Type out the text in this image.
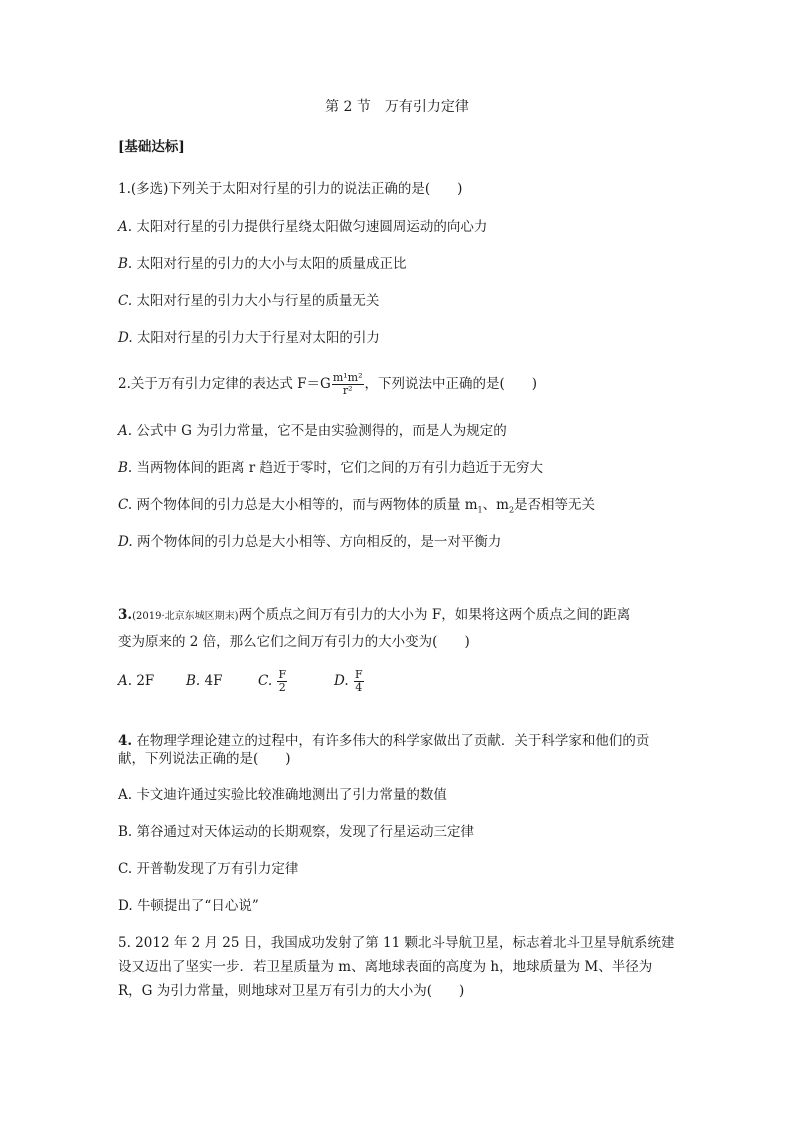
第 2 节　万有引力定律
[基础达标]
1.(多选)下列关于太阳对行星的引力的说法正确的是(　　)
A. 太阳对行星的引力提供行星绕太阳做匀速圆周运动的向心力
B. 太阳对行星的引力的大小与太阳的质量成正比
C. 太阳对行星的引力大小与行星的质量无关
D. 太阳对行星的引力大于行星对太阳的引力
2.关于万有引力定律的表达式 $F=G \frac{\text{m¹m²}}{\text{r²}}$ ，下列说法中正确的是(　　)
A. 公式中 G 为引力常量，它不是由实验测得的，而是人为规定的
B. 当两物体间的距离 r 趋近于零时，它们之间的万有引力趋近于无穷大
C. 两个物体间的引力总是大小相等的，而与两物体的质量 $m_1$、$m_2$是否相等无关
D. 两个物体间的引力总是大小相等、方向相反的，是一对平衡力
3.(2019·北京东城区期末)两个质点之间万有引力的大小为 F，如果将这两个质点之间的距离
变为原来的 2 倍，那么它们之间万有引力的大小变为(　　)
A. 2F B. 4F	C. $\frac{F}{2}$	D. $\frac{F}{4}$
4. 在物理学理论建立的过程中，有许多伟大的科学家做出了贡献．关于科学家和他们的贡
献，下列说法正确的是(　　)
A. 卡文迪许通过实验比较准确地测出了引力常量的数值
B. 第谷通过对天体运动的长期观察，发现了行星运动三定律
C. 开普勒发现了万有引力定律
D. 牛顿提出了“日心说”
5. 2012 年 2 月 25 日，我国成功发射了第 11 颗北斗导航卫星，标志着北斗卫星导航系统建
设又迈出了坚实一步．若卫星质量为 m、离地球表面的高度为 h，地球质量为 M、半径为
R，G 为引力常量，则地球对卫星万有引力的大小为(　　)
